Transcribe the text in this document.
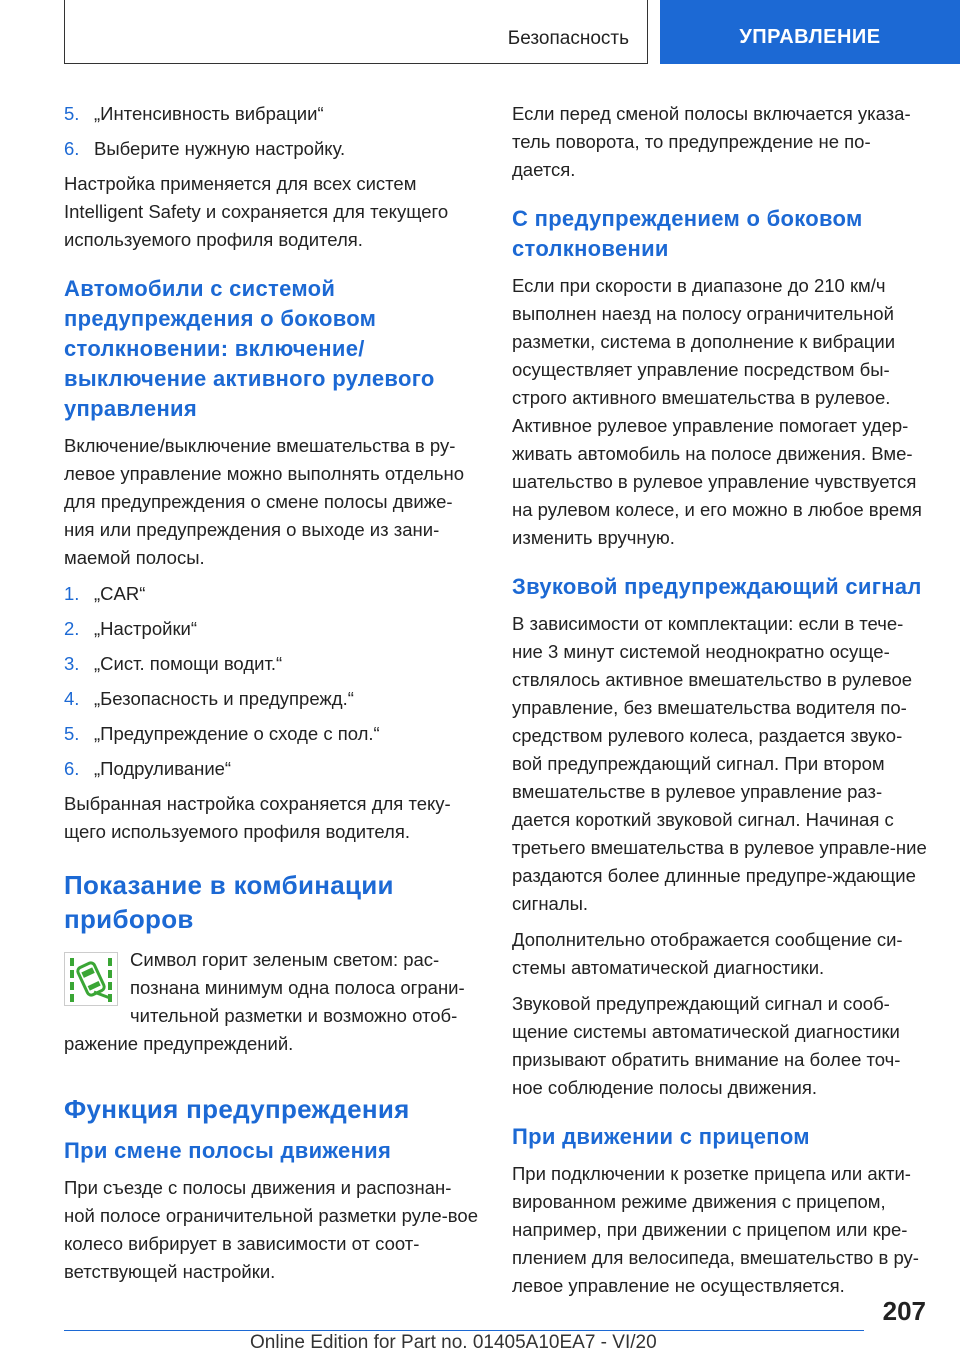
Безопасность	УПРАВЛЕНИЕ
5. „Интенсивность вибрации“
6. Выберите нужную настройку.

Настройка применяется для всех систем Intelligent Safety и сохраняется для текущего используемого профиля водителя.

Автомобили с системой предупреждения о боковом столкновении: включение/выключение активного рулевого управления

Включение/выключение вмешательства в ру-левое управление можно выполнять отдельно для предупреждения о смене полосы движе-ния или предупреждения о выходе из зани-маемой полосы.

1. „CAR“
2. „Настройки“
3. „Сист. помощи водит.“
4. „Безопасность и предупрежд.“
5. „Предупреждение о сходе с пол.“
6. „Подруливание“

Выбранная настройка сохраняется для теку-щего используемого профиля водителя.

Показание в комбинации приборов
Символ горит зеленым светом: рас-познана минимум одна полоса ограни-чительной разметки и возможно отоб-ражение предупреждений.
Функция предупреждения
При смене полосы движения

При съезде с полосы движения и распознан-ной полосе ограничительной разметки руле-вое колесо вибрирует в зависимости от соот-ветствующей настройки.

Если перед сменой полосы включается указа-тель поворота, то предупреждение не по-дается.

С предупреждением о боковом столкновении

Если при скорости в диапазоне до 210 км/ч выполнен наезд на полосу ограничительной разметки, система в дополнение к вибрации осуществляет управление посредством бы-строго активного вмешательства в рулевое. Активное рулевое управление помогает удер-живать автомобиль на полосе движения. Вме-шательство в рулевое управление чувствуется на рулевом колесе, и его можно в любое время изменить вручную.

Звуковой предупреждающий сигнал

В зависимости от комплектации: если в тече-ние 3 минут системой неоднократно осуще-ствлялось активное вмешательство в рулевое управление, без вмешательства водителя по-средством рулевого колеса, раздается звуко-вой предупреждающий сигнал. При втором вмешательстве в рулевое управление раз-дается короткий звуковой сигнал. Начиная с третьего вмешательства в рулевое управле-ние раздаются более длинные предупре-ждающие сигналы.

Дополнительно отображается сообщение си-стемы автоматической диагностики.

Звуковой предупреждающий сигнал и сооб-щение системы автоматической диагностики призывают обратить внимание на более точ-ное соблюдение полосы движения.

При движении с прицепом

При подключении к розетке прицепа или акти-вированном режиме движения с прицепом, например, при движении с прицепом или кре-плением для велосипеда, вмешательство в ру-левое управление не осуществляется.

207
Online Edition for Part no. 01405A10EA7 - VI/20
